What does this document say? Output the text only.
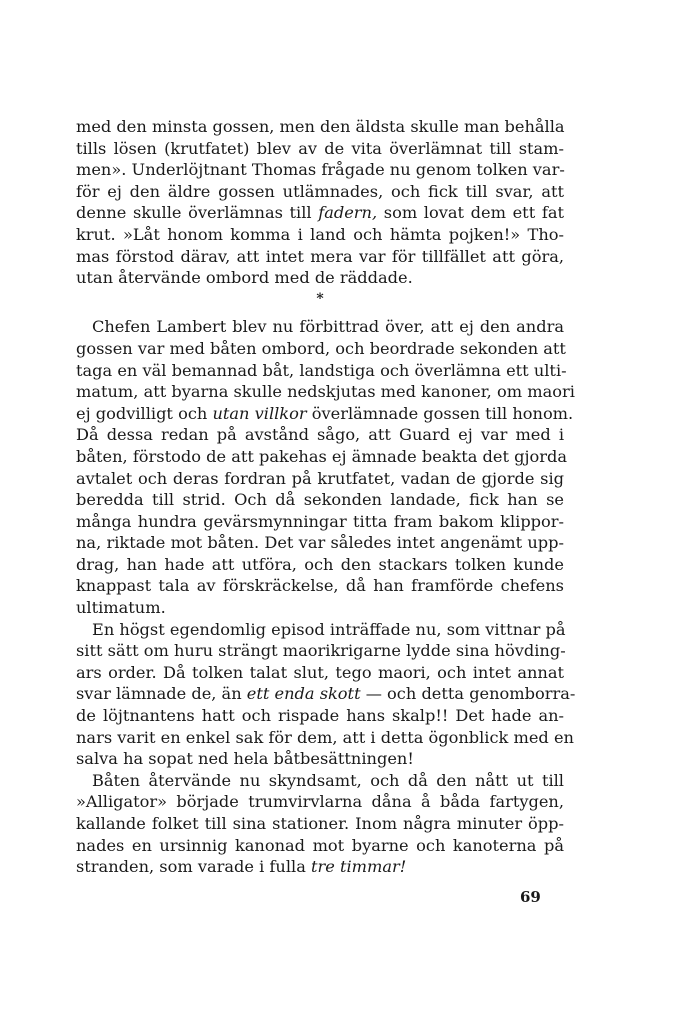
med den minsta gossen, men den äldsta skulle man behålla
tills lösen (krutfatet) blev av de vita överlämnat till stam-
men». Underlöjtnant Thomas frågade nu genom tolken var-
för ej den äldre gossen utlämnades, och fick till svar, att
denne skulle överlämnas till fadern, som lovat dem ett fat
krut. »Låt honom komma i land och hämta pojken!» Tho-
mas förstod därav, att intet mera var för tillfället att göra,
utan återvände ombord med de räddade.
*
Chefen Lambert blev nu förbittrad över, att ej den andra
gossen var med båten ombord, och beordrade sekonden att
taga en väl bemannad båt, landstiga och överlämna ett ulti-
matum, att byarna skulle nedskjutas med kanoner, om maori
ej godvilligt och utan villkor överlämnade gossen till honom.
Då dessa redan på avstånd sågo, att Guard ej var med i
båten, förstodo de att pakehas ej ämnade beakta det gjorda
avtalet och deras fordran på krutfatet, vadan de gjorde sig
beredda till strid. Och då sekonden landade, fick han se
många hundra gevärsmynningar titta fram bakom klippor-
na, riktade mot båten. Det var således intet angenämt upp-
drag, han hade att utföra, och den stackars tolken kunde
knappast tala av förskräckelse, då han framförde chefens
ultimatum.
En högst egendomlig episod inträffade nu, som vittnar på
sitt sätt om huru strängt maorikrigarne lydde sina hövding-
ars order. Då tolken talat slut, tego maori, och intet annat
svar lämnade de, än ett enda skott — och detta genomborra-
de löjtnantens hatt och rispade hans skalp!! Det hade an-
nars varit en enkel sak för dem, att i detta ögonblick med en
salva ha sopat ned hela båtbesättningen!
Båten återvände nu skyndsamt, och då den nått ut till
»Alligator» började trumvirvlarna dåna å båda fartygen,
kallande folket till sina stationer. Inom några minuter öpp-
nades en ursinnig kanonad mot byarne och kanoterna på
stranden, som varade i fulla tre timmar!
69
